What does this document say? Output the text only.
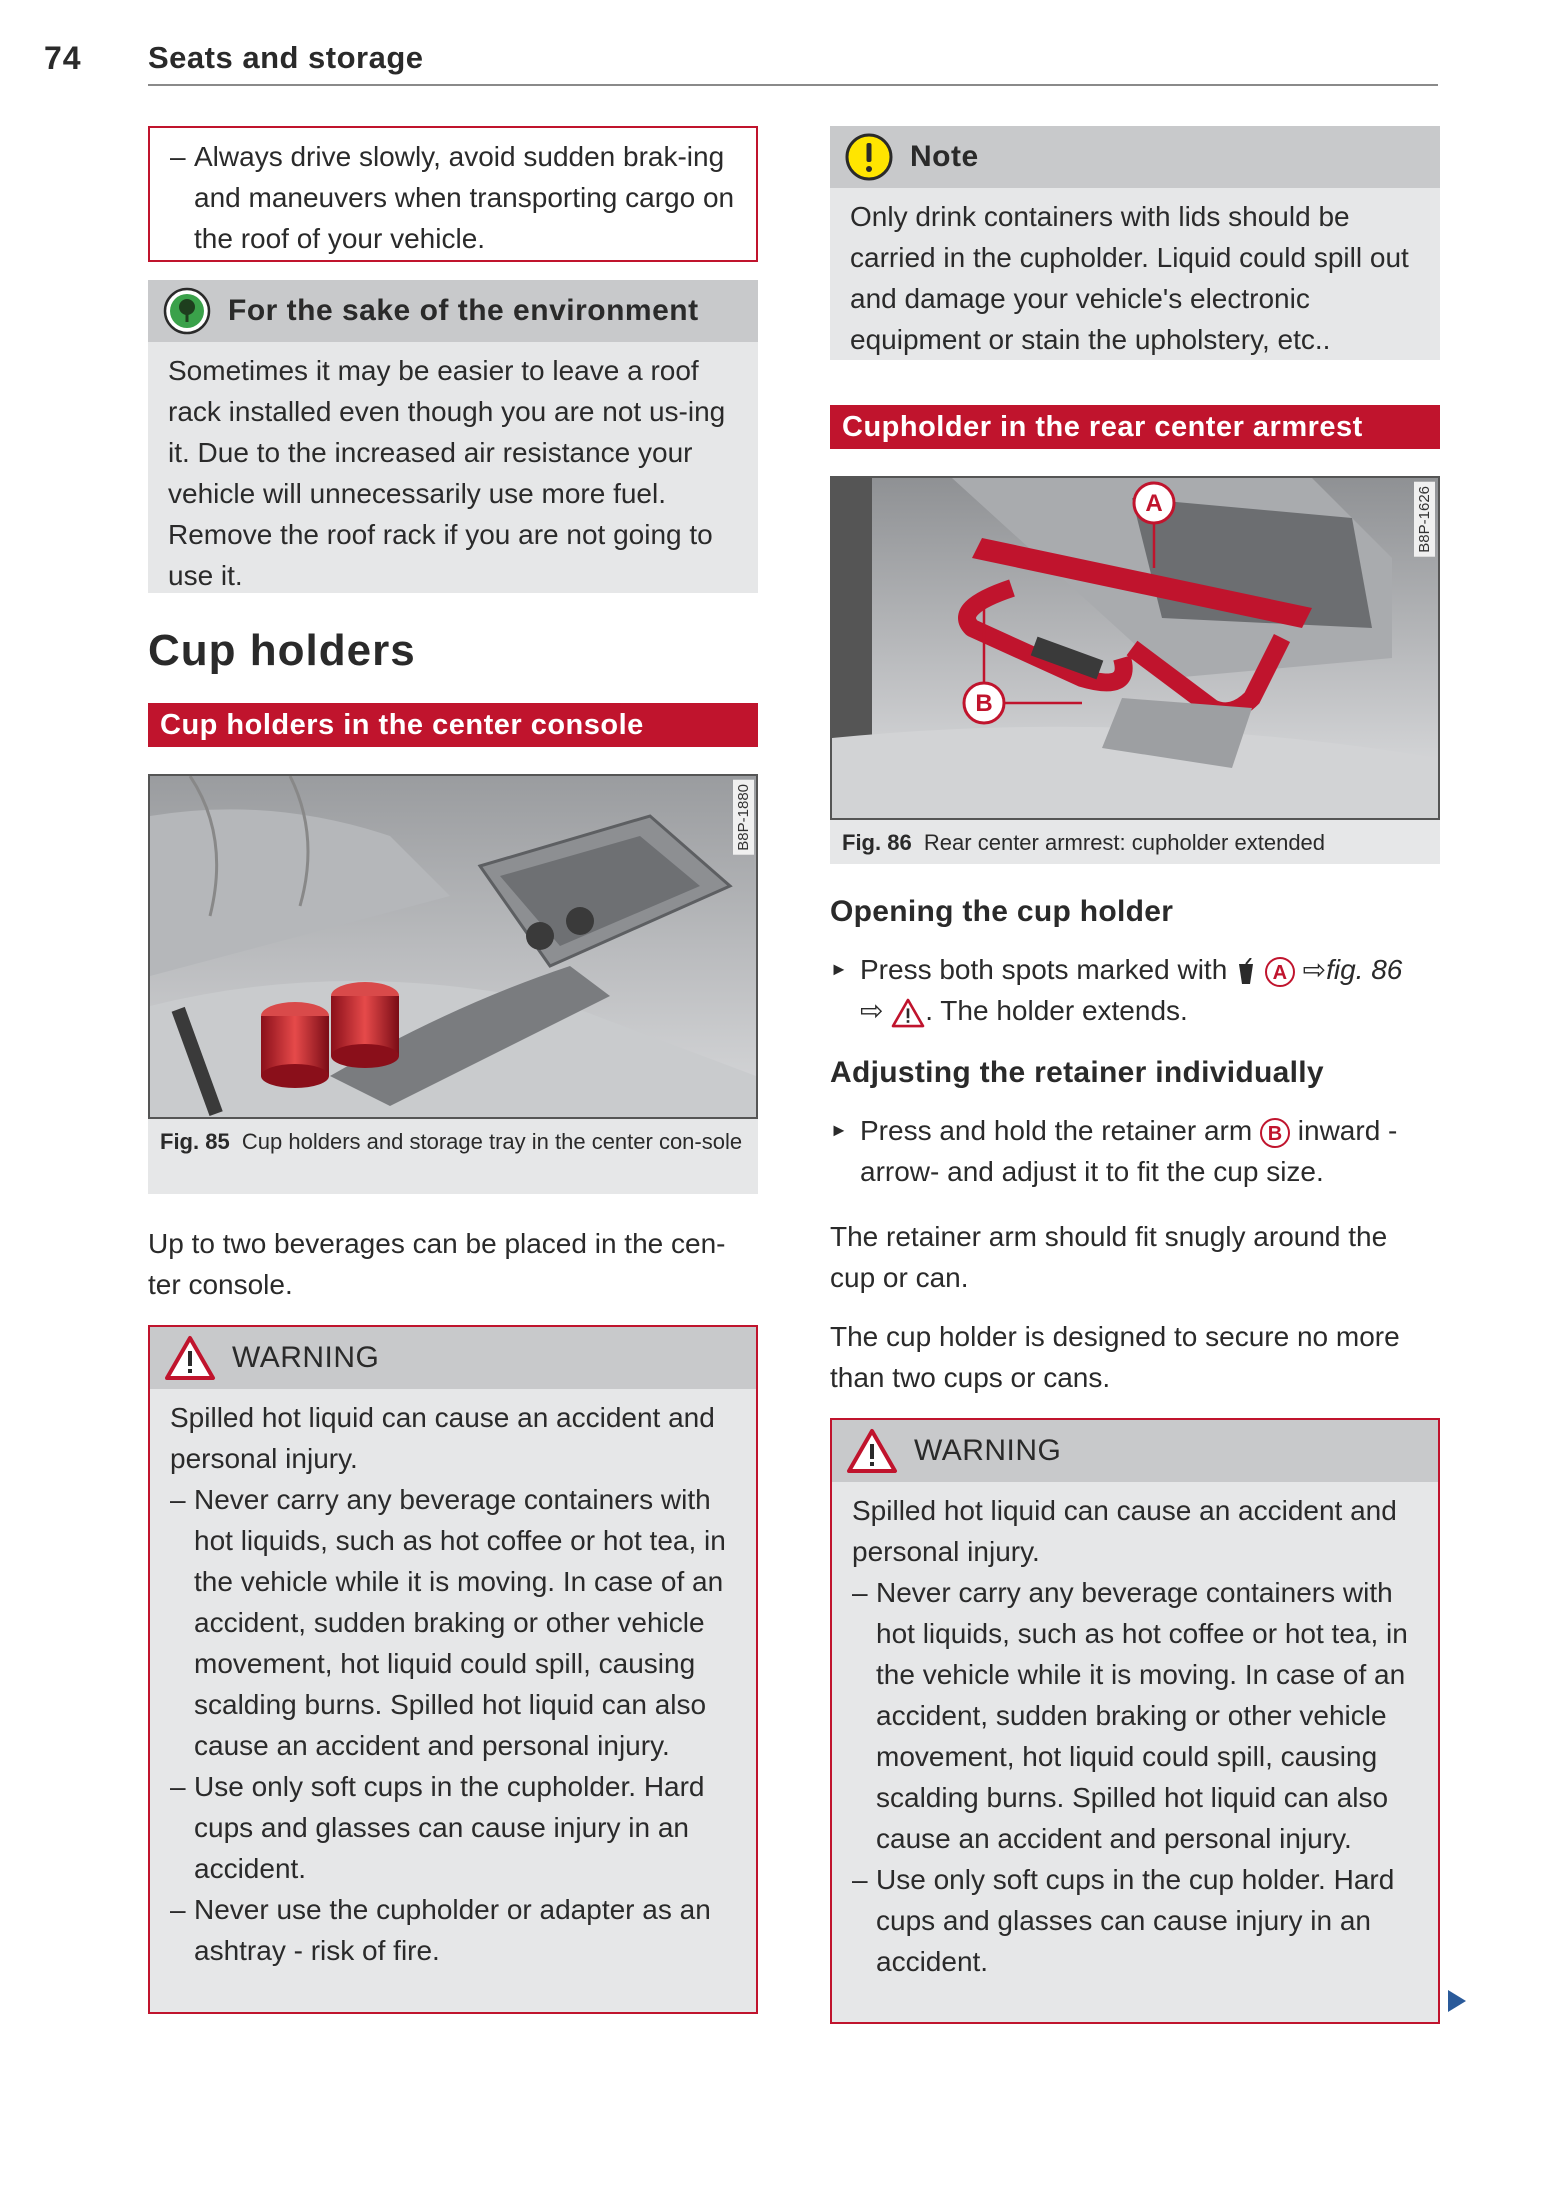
74 Seats and storage
– Always drive slowly, avoid sudden brak-ing and maneuvers when transporting cargo on the roof of your vehicle.
For the sake of the environment
Sometimes it may be easier to leave a roof rack installed even though you are not us-ing it. Due to the increased air resistance your vehicle will unnecessarily use more fuel. Remove the roof rack if you are not going to use it.
Cup holders
Cup holders in the center console
B8P-1880
Fig. 85 Cup holders and storage tray in the center con-sole
Up to two beverages can be placed in the cen-ter console.
WARNING
Spilled hot liquid can cause an accident and personal injury.
– Never carry any beverage containers with hot liquids, such as hot coffee or hot tea, in the vehicle while it is moving. In case of an accident, sudden braking or other vehicle movement, hot liquid could spill, causing scalding burns. Spilled hot liquid can also cause an accident and personal injury.
– Use only soft cups in the cupholder. Hard cups and glasses can cause injury in an accident.
– Never use the cupholder or adapter as an ashtray - risk of fire.
Note
Only drink containers with lids should be carried in the cupholder. Liquid could spill out and damage your vehicle's electronic equipment or stain the upholstery, etc..
Cupholder in the rear center armrest
A
B
B8P-1626
Fig. 86 Rear center armrest: cupholder extended
Opening the cup holder
► Press both spots marked with A ⇨fig. 86
⇨ . The holder extends.
Adjusting the retainer individually
► Press and hold the retainer arm B inward -arrow- and adjust it to fit the cup size.
The retainer arm should fit snugly around the cup or can.
The cup holder is designed to secure no more than two cups or cans.
WARNING
Spilled hot liquid can cause an accident and personal injury.
– Never carry any beverage containers with hot liquids, such as hot coffee or hot tea, in the vehicle while it is moving. In case of an accident, sudden braking or other vehicle movement, hot liquid could spill, causing scalding burns. Spilled hot liquid can also cause an accident and personal injury.
– Use only soft cups in the cup holder. Hard cups and glasses can cause injury in an accident.
